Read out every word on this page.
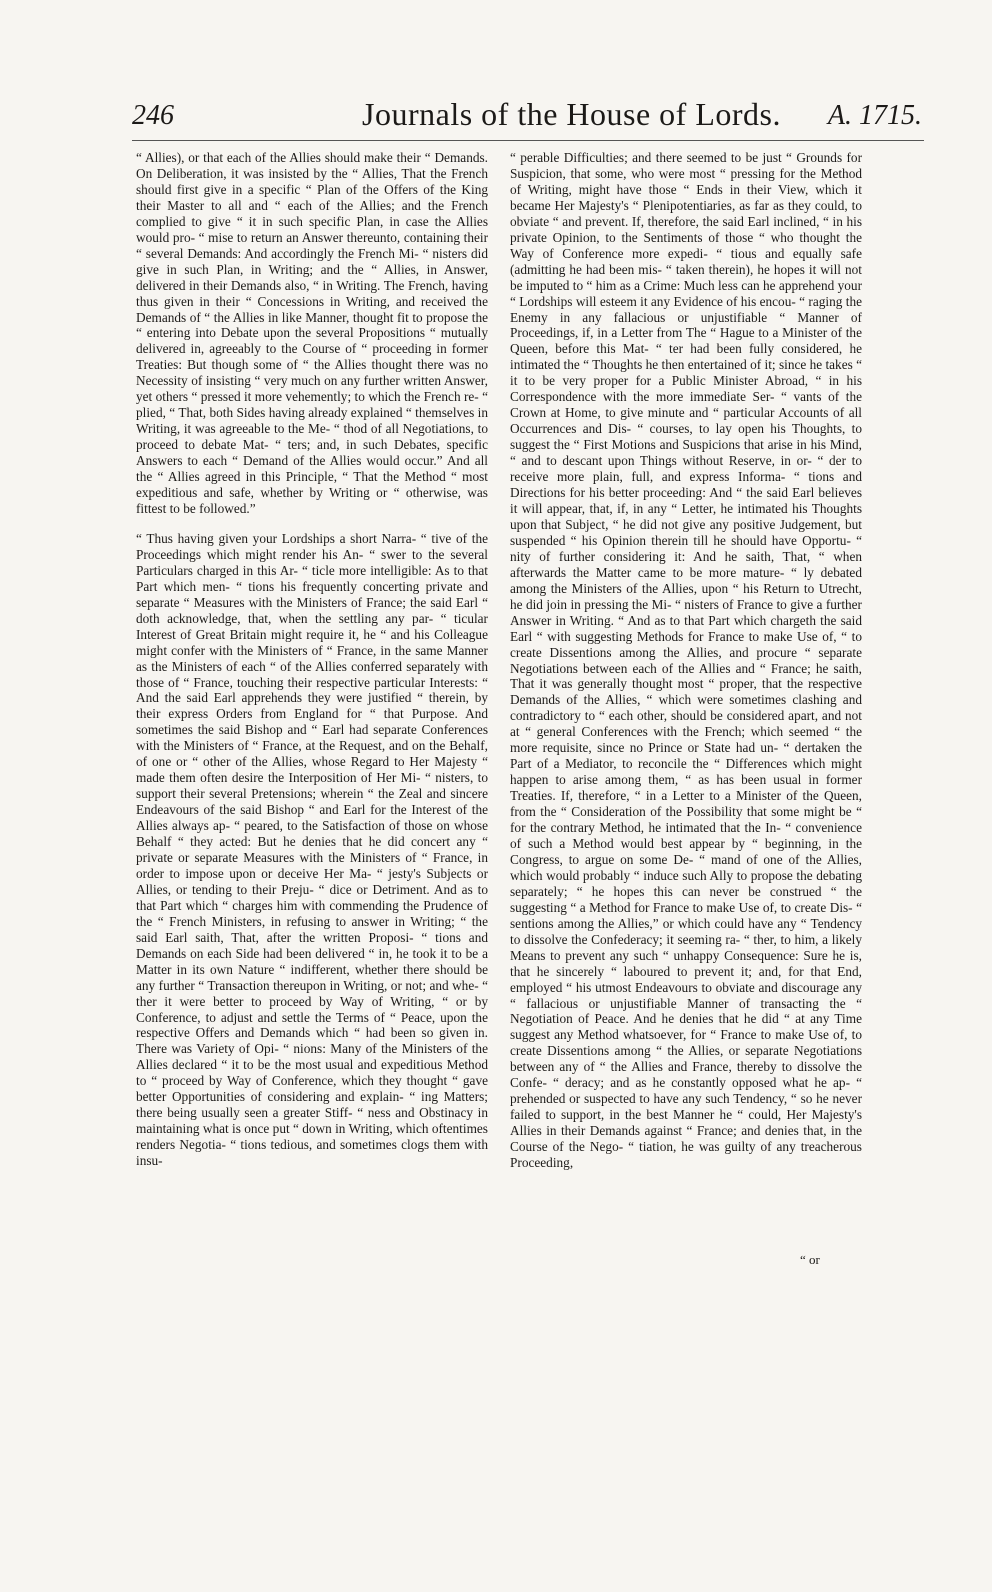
246	Journals of the House of Lords. A. 1715.

“ Allies), or that each of the Allies should make their “ Demands. On Deliberation, it was insisted by the “ Allies, That the French should first give in a specific “ Plan of the Offers of the King their Master to all and “ each of the Allies; and the French complied to give “ it in such specific Plan, in case the Allies would pro- “ mise to return an Answer thereunto, containing their “ several Demands: And accordingly the French Mi- “ nisters did give in such Plan, in Writing; and the “ Allies, in Answer, delivered in their Demands also, “ in Writing. The French, having thus given in their “ Concessions in Writing, and received the Demands of “ the Allies in like Manner, thought fit to propose the “ entering into Debate upon the several Propositions “ mutually delivered in, agreeably to the Course of “ proceeding in former Treaties: But though some of “ the Allies thought there was no Necessity of insisting “ very much on any further written Answer, yet others “ pressed it more vehemently; to which the French re- “ plied, “ That, both Sides having already explained “ themselves in Writing, it was agreeable to the Me- “ thod of all Negotiations, to proceed to debate Mat- “ ters; and, in such Debates, specific Answers to each “ Demand of the Allies would occur.” And all the “ Allies agreed in this Principle, “ That the Method “ most expeditious and safe, whether by Writing or “ otherwise, was fittest to be followed.”

“ Thus having given your Lordships a short Narra- “ tive of the Proceedings which might render his An- “ swer to the several Particulars charged in this Ar- “ ticle more intelligible: As to that Part which men- “ tions his frequently concerting private and separate “ Measures with the Ministers of France; the said Earl “ doth acknowledge, that, when the settling any par- “ ticular Interest of Great Britain might require it, he “ and his Colleague might confer with the Ministers of “ France, in the same Manner as the Ministers of each “ of the Allies conferred separately with those of “ France, touching their respective particular Interests: “ And the said Earl apprehends they were justified “ therein, by their express Orders from England for “ that Purpose. And sometimes the said Bishop and “ Earl had separate Conferences with the Ministers of “ France, at the Request, and on the Behalf, of one or “ other of the Allies, whose Regard to Her Majesty “ made them often desire the Interposition of Her Mi- “ nisters, to support their several Pretensions; wherein “ the Zeal and sincere Endeavours of the said Bishop “ and Earl for the Interest of the Allies always ap- “ peared, to the Satisfaction of those on whose Behalf “ they acted: But he denies that he did concert any “ private or separate Measures with the Ministers of “ France, in order to impose upon or deceive Her Ma- “ jesty's Subjects or Allies, or tending to their Preju- “ dice or Detriment. And as to that Part which “ charges him with commending the Prudence of the “ French Ministers, in refusing to answer in Writing; “ the said Earl saith, That, after the written Proposi- “ tions and Demands on each Side had been delivered “ in, he took it to be a Matter in its own Nature “ indifferent, whether there should be any further “ Transaction thereupon in Writing, or not; and whe- “ ther it were better to proceed by Way of Writing, “ or by Conference, to adjust and settle the Terms of “ Peace, upon the respective Offers and Demands which “ had been so given in. There was Variety of Opi- “ nions: Many of the Ministers of the Allies declared “ it to be the most usual and expeditious Method to “ proceed by Way of Conference, which they thought “ gave better Opportunities of considering and explain- “ ing Matters; there being usually seen a greater Stiff- “ ness and Obstinacy in maintaining what is once put “ down in Writing, which oftentimes renders Negotia- “ tions tedious, and sometimes clogs them with insu-

“ perable Difficulties; and there seemed to be just “ Grounds for Suspicion, that some, who were most “ pressing for the Method of Writing, might have those “ Ends in their View, which it became Her Majesty's “ Plenipotentiaries, as far as they could, to obviate “ and prevent. If, therefore, the said Earl inclined, “ in his private Opinion, to the Sentiments of those “ who thought the Way of Conference more expedi- “ tious and equally safe (admitting he had been mis- “ taken therein), he hopes it will not be imputed to “ him as a Crime: Much less can he apprehend your “ Lordships will esteem it any Evidence of his encou- “ raging the Enemy in any fallacious or unjustifiable “ Manner of Proceedings, if, in a Letter from The “ Hague to a Minister of the Queen, before this Mat- “ ter had been fully considered, he intimated the “ Thoughts he then entertained of it; since he takes “ it to be very proper for a Public Minister Abroad, “ in his Correspondence with the more immediate Ser- “ vants of the Crown at Home, to give minute and “ particular Accounts of all Occurrences and Dis- “ courses, to lay open his Thoughts, to suggest the “ First Motions and Suspicions that arise in his Mind, “ and to descant upon Things without Reserve, in or- “ der to receive more plain, full, and express Informa- “ tions and Directions for his better proceeding: And “ the said Earl believes it will appear, that, if, in any “ Letter, he intimated his Thoughts upon that Subject, “ he did not give any positive Judgement, but suspended “ his Opinion therein till he should have Opportu- “ nity of further considering it: And he saith, That, “ when afterwards the Matter came to be more mature- “ ly debated among the Ministers of the Allies, upon “ his Return to Utrecht, he did join in pressing the Mi- “ nisters of France to give a further Answer in Writing. “ And as to that Part which chargeth the said Earl “ with suggesting Methods for France to make Use of, “ to create Dissentions among the Allies, and procure “ separate Negotiations between each of the Allies and “ France; he saith, That it was generally thought most “ proper, that the respective Demands of the Allies, “ which were sometimes clashing and contradictory to “ each other, should be considered apart, and not at “ general Conferences with the French; which seemed “ the more requisite, since no Prince or State had un- “ dertaken the Part of a Mediator, to reconcile the “ Differences which might happen to arise among them, “ as has been usual in former Treaties. If, therefore, “ in a Letter to a Minister of the Queen, from the “ Consideration of the Possibility that some might be “ for the contrary Method, he intimated that the In- “ convenience of such a Method would best appear by “ beginning, in the Congress, to argue on some De- “ mand of one of the Allies, which would probably “ induce such Ally to propose the debating separately; “ he hopes this can never be construed “ the suggesting “ a Method for France to make Use of, to create Dis- “ sentions among the Allies,” or which could have any “ Tendency to dissolve the Confederacy; it seeming ra- “ ther, to him, a likely Means to prevent any such “ unhappy Consequence: Sure he is, that he sincerely “ laboured to prevent it; and, for that End, employed “ his utmost Endeavours to obviate and discourage any “ fallacious or unjustifiable Manner of transacting the “ Negotiation of Peace. And he denies that he did “ at any Time suggest any Method whatsoever, for “ France to make Use of, to create Dissentions among “ the Allies, or separate Negotiations between any of “ the Allies and France, thereby to dissolve the Confe- “ deracy; and as he constantly opposed what he ap- “ prehended or suspected to have any such Tendency, “ so he never failed to support, in the best Manner he “ could, Her Majesty's Allies in their Demands against “ France; and denies that, in the Course of the Nego- “ tiation, he was guilty of any treacherous Proceeding,

“ or
